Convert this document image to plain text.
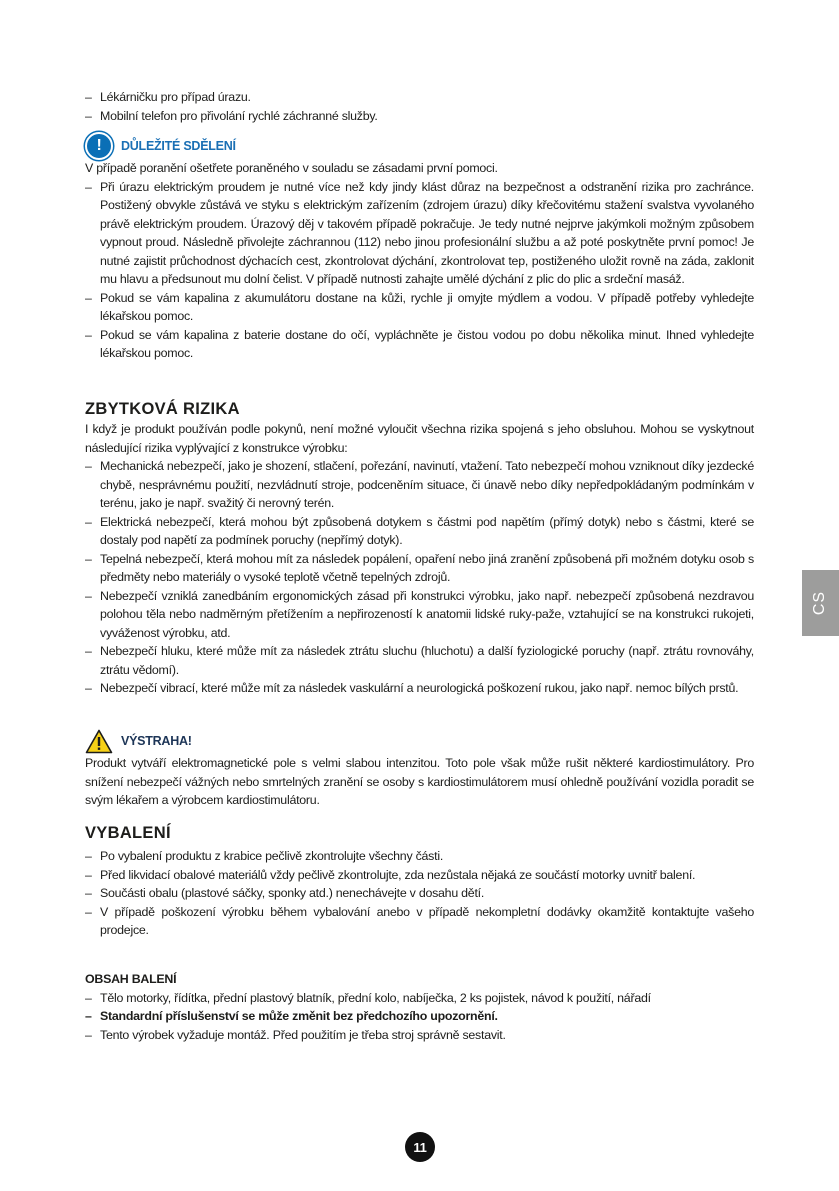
– Lékárničku pro případ úrazu.
– Mobilní telefon pro přivolání rychlé záchranné služby.
!	DŮLEŽITÉ SDĚLENÍ

V případě poranění ošetřete poraněného v souladu se zásadami první pomoci.

– Při úrazu elektrickým proudem je nutné více než kdy jindy klást důraz na bezpečnost a odstranění rizika pro zachránce. Postižený obvykle zůstává ve styku s elektrickým zařízením (zdrojem úrazu) díky křečovitému stažení svalstva vyvolaného právě elektrickým proudem. Úrazový děj v takovém případě pokračuje. Je tedy nutné nejprve jakýmkoli možným způsobem vypnout proud. Následně přivolejte záchrannou (112) nebo jinou profesionální službu a až poté poskytněte první pomoc! Je nutné zajistit průchodnost dýchacích cest, zkontrolovat dýchání, zkontrolovat tep, postiženého uložit rovně na záda, zaklonit mu hlavu a předsunout mu dolní čelist. V případě nutnosti zahajte umělé dýchání z plic do plic a srdeční masáž.
– Pokud se vám kapalina z akumulátoru dostane na kůži, rychle ji omyjte mýdlem a vodou. V případě potřeby vyhledejte lékařskou pomoc.
– Pokud se vám kapalina z baterie dostane do očí, vypláchněte je čistou vodou po dobu několika minut. Ihned vyhledejte lékařskou pomoc.
ZBYTKOVÁ RIZIKA

I když je produkt používán podle pokynů, není možné vyloučit všechna rizika spojená s jeho obsluhou. Mohou se vyskytnout následující rizika vyplývající z konstrukce výrobku:

– Mechanická nebezpečí, jako je shození, stlačení, pořezání, navinutí, vtažení. Tato nebezpečí mohou vzniknout díky jezdecké chybě, nesprávnému použití, nezvládnutí stroje, podceněním situace, či únavě nebo díky nepředpokládaným podmínkám v terénu, jako je např. svažitý či nerovný terén.
– Elektrická nebezpečí, která mohou být způsobená dotykem s částmi pod napětím (přímý dotyk) nebo s částmi, které se dostaly pod napětí za podmínek poruchy (nepřímý dotyk).
– Tepelná nebezpečí, která mohou mít za následek popálení, opaření nebo jiná zranění způsobená při možném dotyku osob s předměty nebo materiály o vysoké teplotě včetně tepelných zdrojů.
– Nebezpečí vzniklá zanedbáním ergonomických zásad při konstrukci výrobku, jako např. nebezpečí způsobená nezdravou polohou těla nebo nadměrným přetížením a nepřirozeností k anatomii lidské ruky-paže, vztahující se na konstrukci rukojeti, vyváženost výrobku, atd.
– Nebezpečí hluku, které může mít za následek ztrátu sluchu (hluchotu) a další fyziologické poruchy (např. ztrátu rovnováhy, ztrátu vědomí).
– Nebezpečí vibrací, které může mít za následek vaskulární a neurologická poškození rukou, jako např. nemoc bílých prstů.
VÝSTRAHA!

Produkt vytváří elektromagnetické pole s velmi slabou intenzitou. Toto pole však může rušit některé kardiostimulátory. Pro snížení nebezpečí vážných nebo smrtelných zranění se osoby s kardiostimulátorem musí ohledně používání vozidla poradit se svým lékařem a výrobcem kardiostimulátoru.

VYBALENÍ
– Po vybalení produktu z krabice pečlivě zkontrolujte všechny části.
– Před likvidací obalové materiálů vždy pečlivě zkontrolujte, zda nezůstala nějaká ze součástí motorky uvnitř balení.
– Součásti obalu (plastové sáčky, sponky atd.) nenechávejte v dosahu dětí.
– V případě poškození výrobku během vybalování anebo v případě nekompletní dodávky okamžitě kontaktujte vašeho prodejce.
OBSAH BALENÍ
– Tělo motorky, řídítka, přední plastový blatník, přední kolo, nabíječka, 2 ks pojistek, návod k použití, nářadí
– Standardní příslušenství se může změnit bez předchozího upozornění.
– Tento výrobek vyžaduje montáž. Před použitím je třeba stroj správně sestavit.
CS
11
